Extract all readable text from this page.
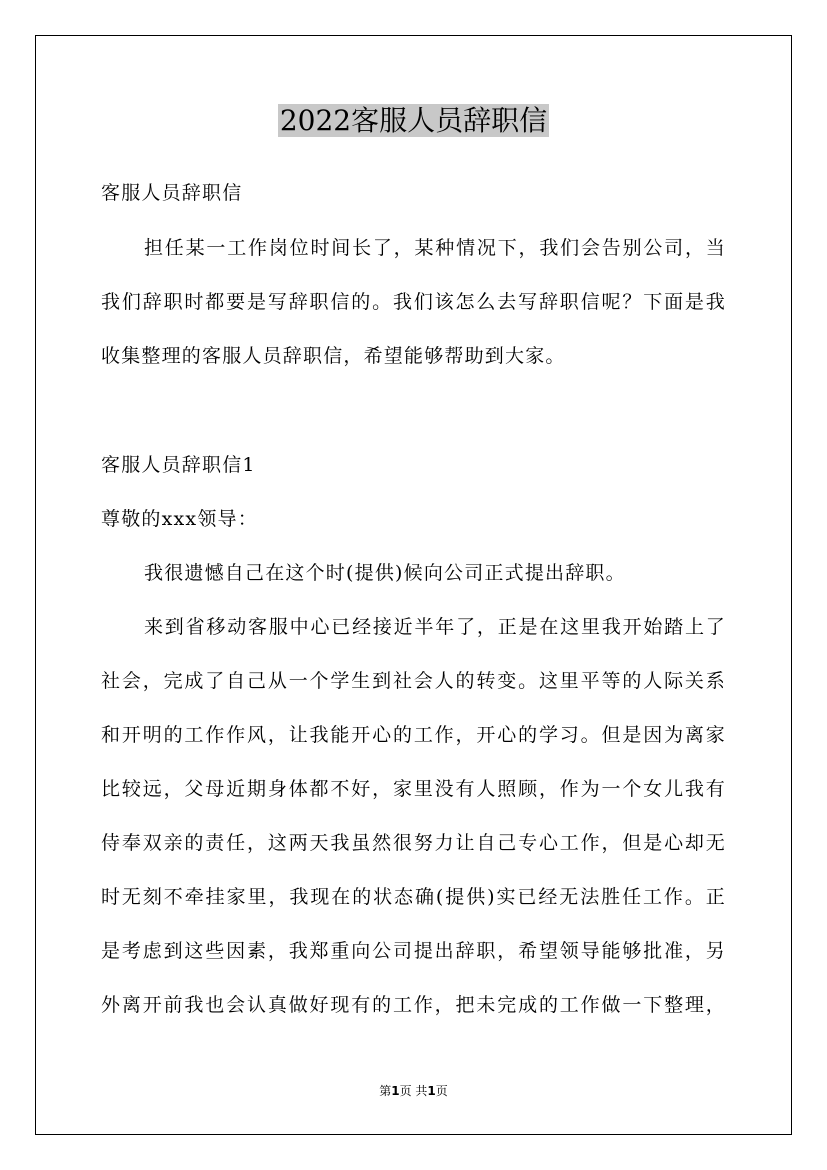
2022客服人员辞职信
客服人员辞职信
担任某一工作岗位时间长了，某种情况下，我们会告别公司，当
我们辞职时都要是写辞职信的。我们该怎么去写辞职信呢？下面是我
收集整理的客服人员辞职信，希望能够帮助到大家。
客服人员辞职信1
尊敬的xxx领导：
我很遗憾自己在这个时(提供)候向公司正式提出辞职。
来到省移动客服中心已经接近半年了，正是在这里我开始踏上了
社会，完成了自己从一个学生到社会人的转变。这里平等的人际关系
和开明的工作作风，让我能开心的工作，开心的学习。但是因为离家
比较远，父母近期身体都不好，家里没有人照顾，作为一个女儿我有
侍奉双亲的责任，这两天我虽然很努力让自己专心工作，但是心却无
时无刻不牵挂家里，我现在的状态确(提供)实已经无法胜任工作。正
是考虑到这些因素，我郑重向公司提出辞职，希望领导能够批准，另
外离开前我也会认真做好现有的工作，把未完成的工作做一下整理，
第1页 共1页
